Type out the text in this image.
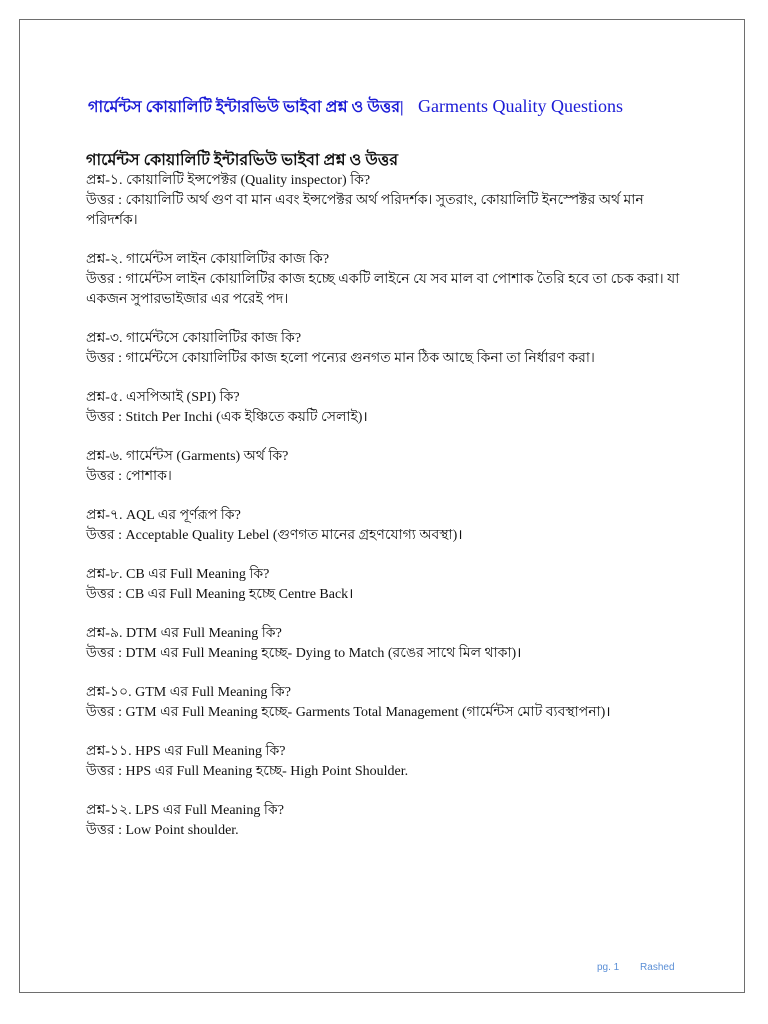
গার্মেন্টস কোয়ালিটি ইন্টারভিউ ভাইবা প্রশ্ন ও উত্তর| Garments Quality Questions
গার্মেন্টস কোয়ালিটি ইন্টারভিউ ভাইবা প্রশ্ন ও উত্তর
প্রশ্ন-১. কোয়ালিটি ইন্সপেক্টর (Quality inspector) কি?
উত্তর : কোয়ালিটি অর্থ গুণ বা মান এবং ইন্সপেক্টর অর্থ পরিদর্শক। সুতরাং, কোয়ালিটি ইনস্পেক্টর অর্থ মান পরিদর্শক।
প্রশ্ন-২. গার্মেন্টস লাইন কোয়ালিটির কাজ কি?
উত্তর : গার্মেন্টস লাইন কোয়ালিটির কাজ হচ্ছে একটি লাইনে যে সব মাল বা পোশাক তৈরি হবে তা চেক করা। যা একজন সুপারভাইজার এর পরেই পদ।
প্রশ্ন-৩. গার্মেন্টসে কোয়ালিটির কাজ কি?
উত্তর : গার্মেন্টসে কোয়ালিটির কাজ হলো পন্যের গুনগত মান ঠিক আছে কিনা তা নির্ধারণ করা।
প্রশ্ন-৫. এসপিআই (SPI) কি?
উত্তর : Stitch Per Inchi (এক ইঞ্চিতে কয়টি সেলাই)।
প্রশ্ন-৬. গার্মেন্টস (Garments) অর্থ কি?
উত্তর : পোশাক।
প্রশ্ন-৭. AQL এর পূর্ণরূপ কি?
উত্তর : Acceptable Quality Lebel (গুণগত মানের গ্রহণযোগ্য অবস্থা)।
প্রশ্ন-৮. CB এর Full Meaning কি?
উত্তর : CB এর Full Meaning হচ্ছে Centre Back।
প্রশ্ন-৯. DTM এর Full Meaning কি?
উত্তর : DTM এর Full Meaning হচ্ছে- Dying to Match (রঙের সাথে মিল থাকা)।
প্রশ্ন-১০. GTM এর Full Meaning কি?
উত্তর : GTM এর Full Meaning হচ্ছে- Garments Total Management (গার্মেন্টস মোট ব্যবস্থাপনা)।
প্রশ্ন-১১. HPS এর Full Meaning কি?
উত্তর : HPS এর Full Meaning হচ্ছে- High Point Shoulder.
প্রশ্ন-১২. LPS এর Full Meaning কি?
উত্তর : Low Point shoulder.
pg. 1 Rashed
